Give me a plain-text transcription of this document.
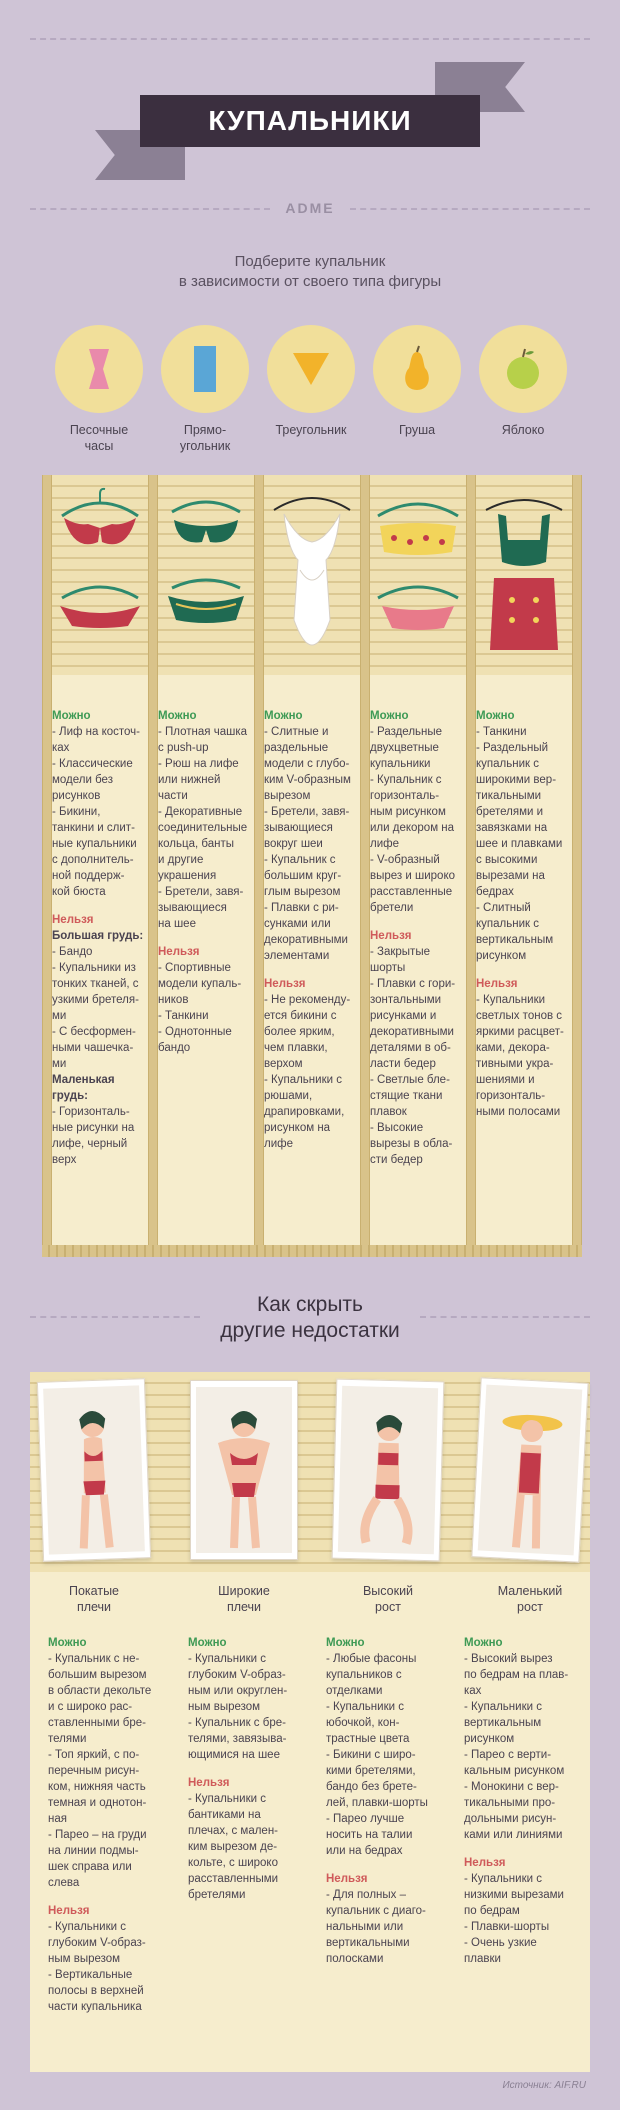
КУПАЛЬНИКИ
ADME
Подберите купальник
в зависимости от своего типа фигуры
Песочные
часы
Прямо-
угольник
Треугольник	Груша	Яблоко

Можно

- Лиф на косточ-

ках

- Классические

модели без

рисунков

- Бикини,

танкини и слит-

ные купальники

с дополнитель-

ной поддерж-

кой бюста

Нельзя

Большая грудь:

- Бандо

- Купальники из

тонких тканей, с

узкими бретеля-

ми

- С бесформен-

ными чашечка-

ми

Маленькая

грудь:

- Горизонталь-

ные рисунки на

лифе, черный

верх

Можно

- Плотная чашка

с push-up

- Рюш на лифе

или нижней

части

- Декоративные

соединительные

кольца, банты

и другие

украшения

- Бретели, завя-

зывающиеся

на шее

Нельзя

- Спортивные

модели купаль-

ников

- Танкини

- Однотонные

бандо

Можно

- Слитные и

раздельные

модели с глубо-

ким V-образным

вырезом

- Бретели, завя-

зывающиеся

вокруг шеи

- Купальник с

большим круг-

глым вырезом

- Плавки с ри-

сунками или

декоративными

элементами

Нельзя

- Не рекоменду-

ется бикини с

более ярким,

чем плавки,

верхом

- Купальники с

рюшами,

драпировками,

рисунком на

лифе

Можно

- Раздельные

двухцветные

купальники

- Купальник с

горизонталь-

ным рисунком

или декором на

лифе

- V-образный

вырез и широко

расставленные

бретели

Нельзя

- Закрытые

шорты

- Плавки с гори-

зонтальными

рисунками и

декоративными

деталями в об-

ласти бедер

- Светлые бле-

стящие ткани

плавок

- Высокие

вырезы в обла-

сти бедер

Можно

- Танкини

- Раздельный

купальник с

широкими вер-

тикальными

бретелями и

завязками на

шее и плавками

с высокими

вырезами на

бедрах

- Слитный

купальник с

вертикальным

рисунком

Нельзя

- Купальники

светлых тонов с

яркими расцвет-

ками, декора-

тивными укра-

шениями и

горизонталь-

ными полосами

Как скрыть
другие недостатки
Покатые
плечи
Широкие
плечи
Высокий
рост
Маленький
рост

Можно

- Купальник с не-

большим вырезом

в области декольте

и с широко рас-

ставленными бре-

телями

- Топ яркий, с по-

перечным рисун-

ком, нижняя часть

темная и однотон-

ная

- Парео – на груди

на линии подмы-

шек справа или

слева

Нельзя

- Купальники с

глубоким V-образ-

ным вырезом

- Вертикальные

полосы в верхней

части купальника

Можно

- Купальники с

глубоким V-образ-

ным или округлен-

ным вырезом

- Купальник с бре-

телями, завязыва-

ющимися на шее

Нельзя

- Купальники с

бантиками на

плечах, с мален-

ким вырезом де-

кольте, с широко

расставленными

бретелями

Можно

- Любые фасоны

купальников с

отделками

- Купальники с

юбочкой, кон-

трастные цвета

- Бикини с широ-

кими бретелями,

бандо без брете-

лей, плавки-шорты

- Парео лучше

носить на талии

или на бедрах

Нельзя

- Для полных –

купальник с диаго-

нальными или

вертикальными

полосками

Можно

- Высокий вырез

по бедрам на плав-

ках

- Купальники с

вертикальным

рисунком

- Парео с верти-

кальным рисунком

- Монокини с вер-

тикальными про-

дольными рисун-

ками или линиями

Нельзя

- Купальники с

низкими вырезами

по бедрам

- Плавки-шорты

- Очень узкие

плавки

Источник: AIF.RU
